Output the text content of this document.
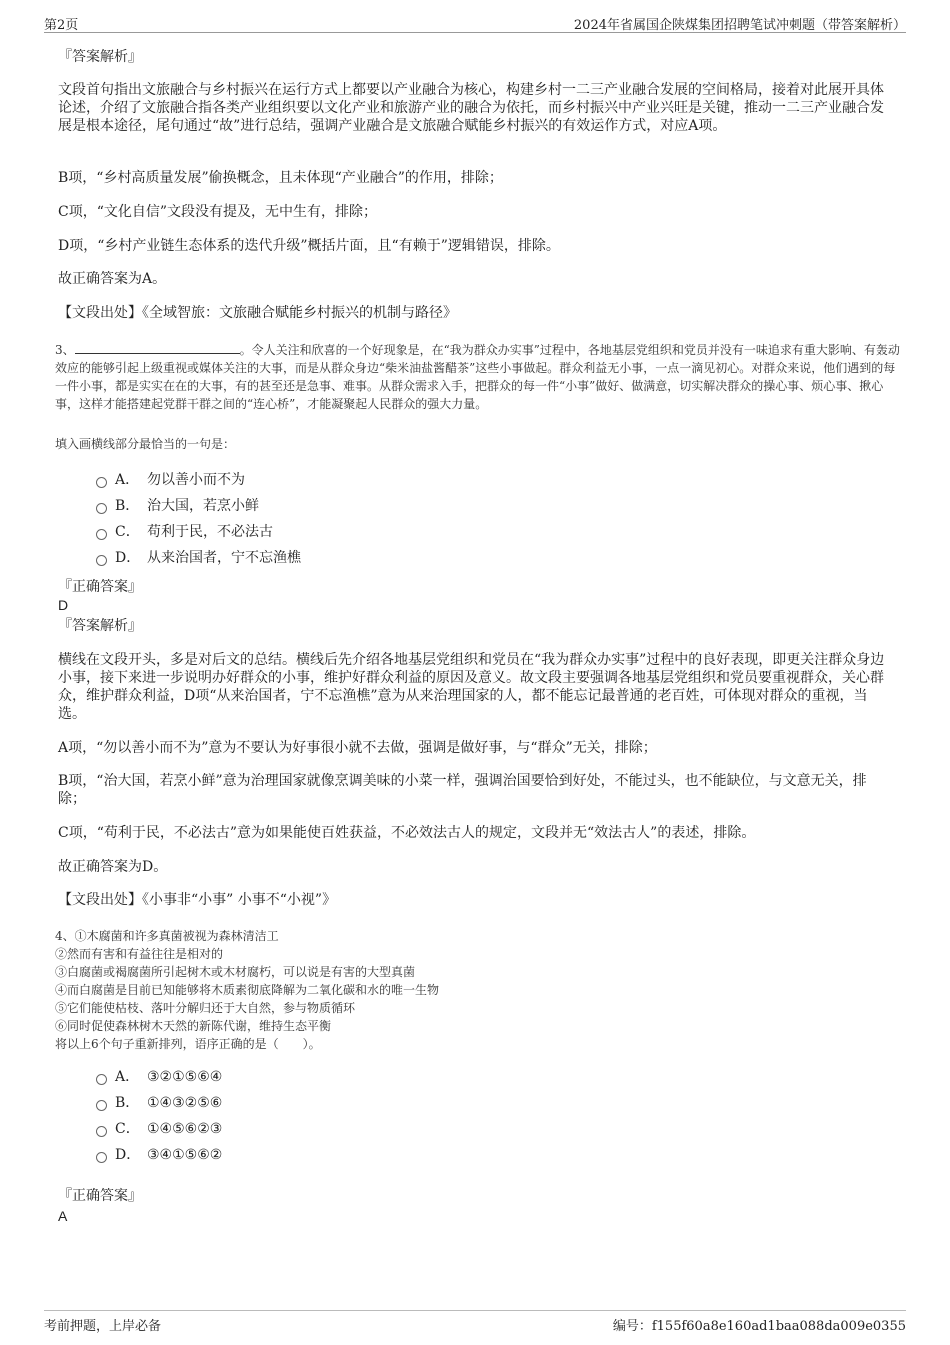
第2页	2024年省属国企陕煤集团招聘笔试冲刺题（带答案解析）
『答案解析』
文段首句指出文旅融合与乡村振兴在运行方式上都要以产业融合为核心，构建乡村一二三产业融合发展的空间格局，接着对此展开具体论述，介绍了文旅融合指各类产业组织要以文化产业和旅游产业的融合为依托，而乡村振兴中产业兴旺是关键，推动一二三产业融合发展是根本途径，尾句通过“故”进行总结，强调产业融合是文旅融合赋能乡村振兴的有效运作方式，对应A项。
B项，“乡村高质量发展”偷换概念，且未体现“产业融合”的作用，排除；
C项，“文化自信”文段没有提及，无中生有，排除；
D项，“乡村产业链生态体系的迭代升级”概括片面，且“有赖于”逻辑错误，排除。
故正确答案为A。
【文段出处】《全域智旅：文旅融合赋能乡村振兴的机制与路径》
3、	。令人关注和欣喜的一个好现象是，在“我为群众办实事”过程中，各地基层党组织和党员并没有一味追求有重大影响、有轰动效应的能够引起上级重视或媒体关注的大事，而是从群众身边“柴米油盐酱醋茶”这些小事做起。群众利益无小事，一点一滴见初心。对群众来说，他们遇到的每一件小事，都是实实在在的大事，有的甚至还是急事、难事。从群众需求入手，把群众的每一件“小事”做好、做满意，切实解决群众的操心事、烦心事、揪心事，这样才能搭建起党群干群之间的“连心桥”，才能凝聚起人民群众的强大力量。
填入画横线部分最恰当的一句是：
A． 勿以善小而不为
B． 治大国，若烹小鲜
C． 苟利于民，不必法古
D． 从来治国者，宁不忘渔樵
『正确答案』
D
『答案解析』
横线在文段开头，多是对后文的总结。横线后先介绍各地基层党组织和党员在“我为群众办实事”过程中的良好表现，即更关注群众身边小事，接下来进一步说明办好群众的小事，维护好群众利益的原因及意义。故文段主要强调各地基层党组织和党员要重视群众，关心群众，维护群众利益，D项“从来治国者，宁不忘渔樵”意为从来治理国家的人，都不能忘记最普通的老百姓，可体现对群众的重视，当选。
A项，“勿以善小而不为”意为不要认为好事很小就不去做，强调是做好事，与“群众”无关，排除；
B项，“治大国，若烹小鲜”意为治理国家就像烹调美味的小菜一样，强调治国要恰到好处，不能过头，也不能缺位，与文意无关，排除；
C项，“苟利于民，不必法古”意为如果能使百姓获益，不必效法古人的规定，文段并无“效法古人”的表述，排除。
故正确答案为D。
【文段出处】《小事非“小事” 小事不“小视”》

4、①木腐菌和许多真菌被视为森林清洁工

②然而有害和有益往往是相对的

③白腐菌或褐腐菌所引起树木或木材腐朽，可以说是有害的大型真菌

④而白腐菌是目前已知能够将木质素彻底降解为二氧化碳和水的唯一生物

⑤它们能使枯枝、落叶分解归还于大自然，参与物质循环

⑥同时促使森林树木天然的新陈代谢，维持生态平衡

将以上6个句子重新排列，语序正确的是（　　）。

A． ③②①⑤⑥④
B． ①④③②⑤⑥
C． ①④⑤⑥②③
D． ③④①⑤⑥②
『正确答案』
A
考前押题，上岸必备	编号：f155f60a8e160ad1baa088da009e0355
